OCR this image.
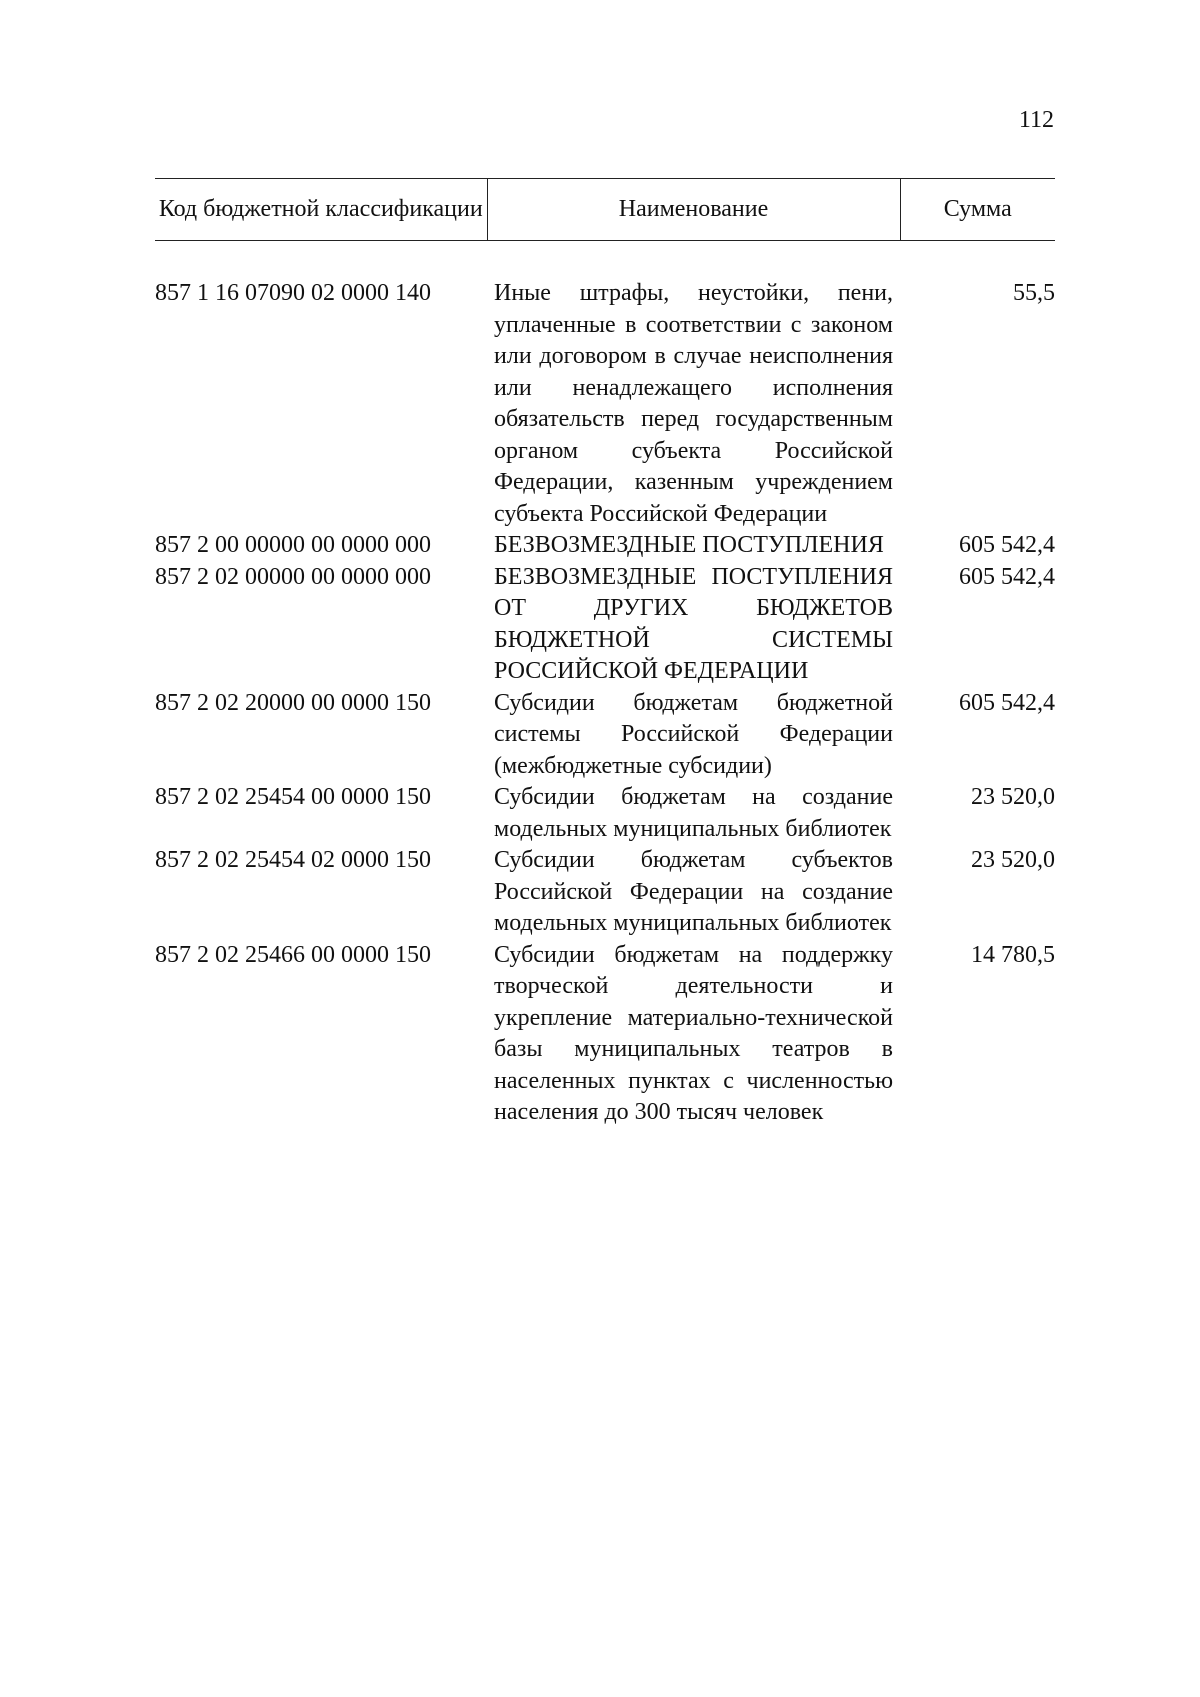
112
Код бюджетной классификации	Наименование	Сумма

857 1 16 07090 02 0000 140	Иные штрафы, неустойки, пени, уплаченные в соответствии с законом или договором в случае неисполнения или ненадлежащего исполнения обязательств перед государственным органом субъекта Российской Федерации, казенным учреждением субъекта Российской Федерации	55,5
857 2 00 00000 00 0000 000	БЕЗВОЗМЕЗДНЫЕ ПОСТУПЛЕНИЯ	605 542,4
857 2 02 00000 00 0000 000	БЕЗВОЗМЕЗДНЫЕ ПОСТУПЛЕНИЯ ОТ ДРУГИХ БЮДЖЕТОВ БЮДЖЕТНОЙ СИСТЕМЫ РОССИЙСКОЙ ФЕДЕРАЦИИ	605 542,4
857 2 02 20000 00 0000 150	Субсидии бюджетам бюджетной системы Российской Федерации (межбюджетные субсидии)	605 542,4
857 2 02 25454 00 0000 150	Субсидии бюджетам на создание модельных муниципальных библиотек	23 520,0
857 2 02 25454 02 0000 150	Субсидии бюджетам субъектов Российской Федерации на создание модельных муниципальных библиотек	23 520,0
857 2 02 25466 00 0000 150	Субсидии бюджетам на поддержку творческой деятельности и укрепление материально-технической базы муниципальных театров в населенных пунктах с численностью населения до 300 тысяч человек	14 780,5
